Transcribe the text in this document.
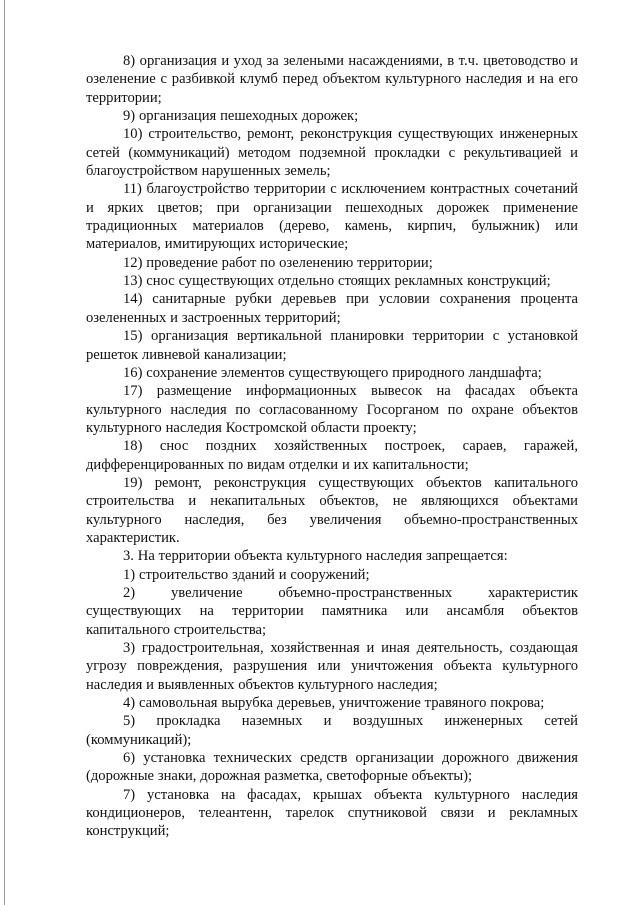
8) организация и уход за зелеными насаждениями, в т.ч. цветоводство и озеленение с разбивкой клумб перед объектом культурного наследия и на его территории;

9) организация пешеходных дорожек;

10) строительство, ремонт, реконструкция существующих инженерных сетей (коммуникаций) методом подземной прокладки с рекультивацией и благоустройством нарушенных земель;

11) благоустройство территории с исключением контрастных сочетаний и ярких цветов; при организации пешеходных дорожек применение традиционных материалов (дерево, камень, кирпич, булыжник) или материалов, имитирующих исторические;

12) проведение работ по озеленению территории;

13) снос существующих отдельно стоящих рекламных конструкций;

14) санитарные рубки деревьев при условии сохранения процента озелененных и застроенных территорий;

15) организация вертикальной планировки территории с установкой решеток ливневой канализации;

16) сохранение элементов существующего природного ландшафта;

17) размещение информационных вывесок на фасадах объекта культурного наследия по согласованному Госорганом по охране объектов культурного наследия Костромской области проекту;

18) снос поздних хозяйственных построек, сараев, гаражей, дифференцированных по видам отделки и их капитальности;

19) ремонт, реконструкция существующих объектов капитального строительства и некапитальных объектов, не являющихся объектами культурного наследия, без увеличения объемно-пространственных характеристик.

3. На территории объекта культурного наследия запрещается:

1) строительство зданий и сооружений;

2) увеличение объемно-пространственных характеристик существующих на территории памятника или ансамбля объектов капитального строительства;

3) градостроительная, хозяйственная и иная деятельность, создающая угрозу повреждения, разрушения или уничтожения объекта культурного наследия и выявленных объектов культурного наследия;

4) самовольная вырубка деревьев, уничтожение травяного покрова;

5) прокладка наземных и воздушных инженерных сетей (коммуникаций);

6) установка технических средств организации дорожного движения (дорожные знаки, дорожная разметка, светофорные объекты);

7) установка на фасадах, крышах объекта культурного наследия кондиционеров, телеантенн, тарелок спутниковой связи и рекламных конструкций;
